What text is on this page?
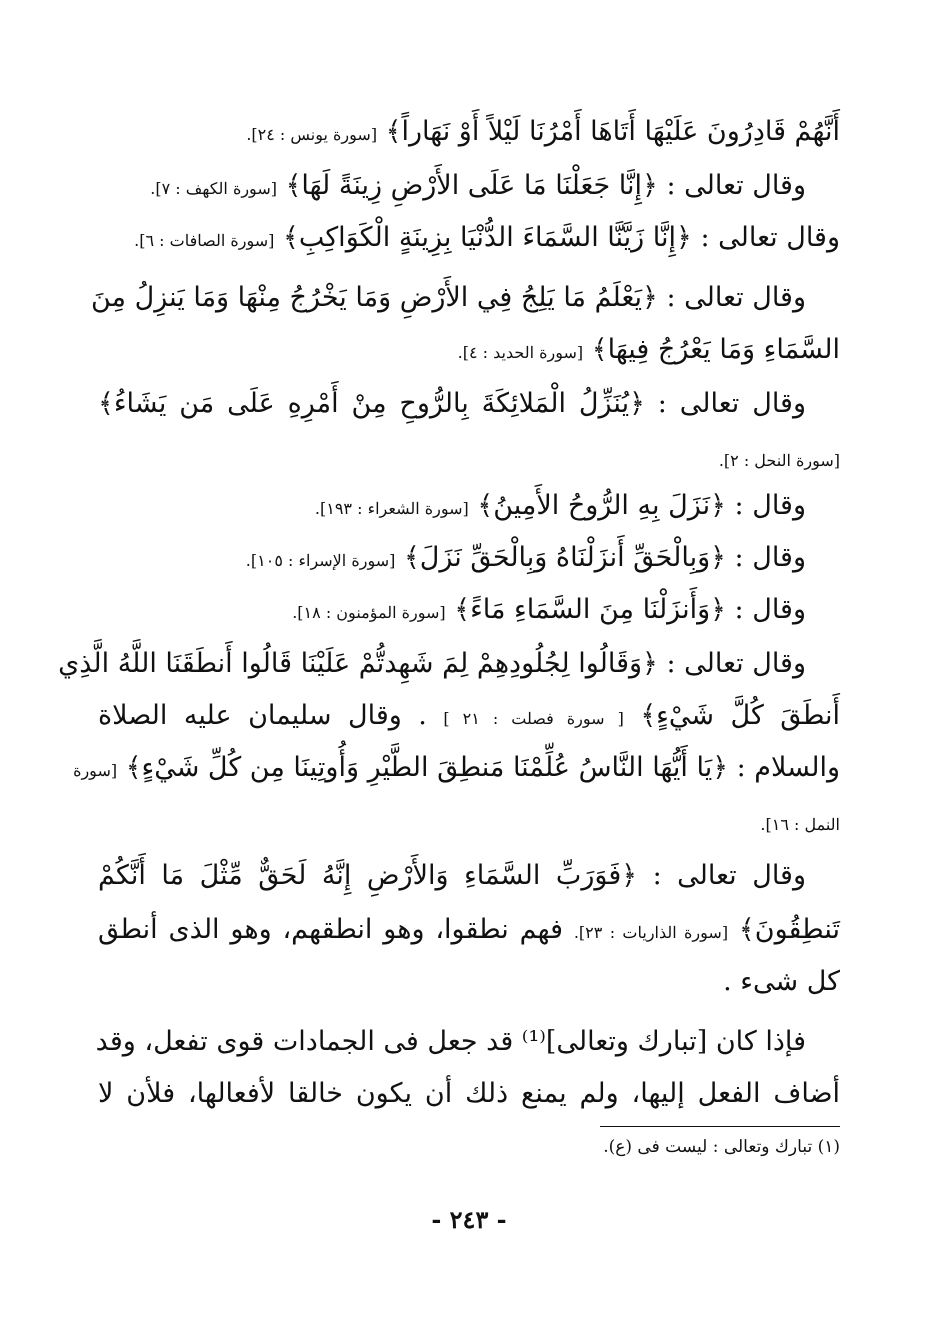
أَنَّهُمْ قَادِرُونَ عَلَيْهَا أَتَاهَا أَمْرُنَا لَيْلاً أَوْ نَهَاراً﴾ [سورة يونس : ٢٤].
وقال تعالى : ﴿إِنَّا جَعَلْنَا مَا عَلَى الأَرْضِ زِينَةً لَهَا﴾ [سورة الكهف : ٧].
وقال تعالى : ﴿إِنَّا زَيَّنَّا السَّمَاءَ الدُّنْيَا بِزِينَةٍ الْكَوَاكِبِ﴾ [سورة الصافات : ٦].
وقال تعالى : ﴿يَعْلَمُ مَا يَلِجُ فِي الأَرْضِ وَمَا يَخْرُجُ مِنْهَا وَمَا يَنزِلُ مِنَ
السَّمَاءِ وَمَا يَعْرُجُ فِيهَا﴾ [سورة الحديد : ٤].
وقال تعالى : ﴿يُنَزِّلُ الْمَلائِكَةَ بِالرُّوحِ مِنْ أَمْرِهِ عَلَى مَن يَشَاءُ﴾
[سورة النحل : ٢].
وقال : ﴿نَزَلَ بِهِ الرُّوحُ الأَمِينُ﴾ [سورة الشعراء : ١٩٣].
وقال : ﴿وَبِالْحَقِّ أَنزَلْنَاهُ وَبِالْحَقِّ نَزَلَ﴾ [سورة الإسراء : ١٠٥].
وقال : ﴿وَأَنزَلْنَا مِنَ السَّمَاءِ مَاءً﴾ [سورة المؤمنون : ١٨].
وقال تعالى : ﴿وَقَالُوا لِجُلُودِهِمْ لِمَ شَهِدتُّمْ عَلَيْنَا قَالُوا أَنطَقَنَا اللَّهُ الَّذِي
أَنطَقَ كُلَّ شَيْءٍ﴾ [ سورة فصلت : ٢١ ] . وقال سليمان عليه الصلاة
والسلام : ﴿يَا أَيُّهَا النَّاسُ عُلِّمْنَا مَنطِقَ الطَّيْرِ وَأُوتِينَا مِن كُلِّ شَيْءٍ﴾ [سورة
النمل : ١٦].
وقال تعالى : ﴿فَوَرَبِّ السَّمَاءِ وَالأَرْضِ إِنَّهُ لَحَقٌّ مِّثْلَ مَا أَنَّكُمْ
تَنطِقُونَ﴾ [سورة الذاريات : ٢٣]. فهم نطقوا، وهو انطقهم، وهو الذى أنطق
كل شىء .
فإذا كان [تبارك وتعالى]⁽¹⁾ قد جعل فى الجمادات قوى تفعل، وقد
أضاف الفعل إليها، ولم يمنع ذلك أن يكون خالقا لأفعالها، فلأن لا
(١) تبارك وتعالى : ليست فى (ع).
- ٢٤٣ -
